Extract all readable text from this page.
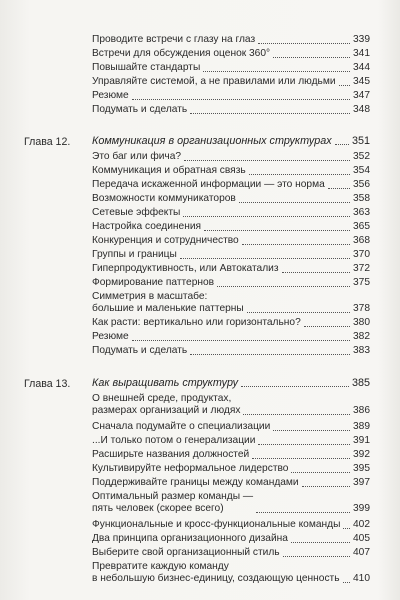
Проводите встречи с глазу на глаз	339
Встречи для обсуждения оценок 360°	341
Повышайте стандарты	344
Управляйте системой, а не правилами или людьми 345
Резюме	347
Подумать и сделать	348
Глава 12. Коммуникация в организационных структурах 351
Это баг или фича?	352
Коммуникация и обратная связь	354
Передача искаженной информации — это норма	356
Возможности коммуникаторов	358
Сетевые эффекты	363
Настройка соединения	365
Конкуренция и сотрудничество	368
Группы и границы	370
Гиперпродуктивность, или Автокатализ	372
Формирование паттернов	375
Симметрия в масштабе:
большие и маленькие паттерны	378
Как расти: вертикально или горизонтально?	380
Резюме	382
Подумать и сделать	383
Глава 13. Как выращивать структуру	385
О внешней среде, продуктах,
размерах организаций и людях	386
Сначала подумайте о специализации	389
...И только потом о генерализации	391
Расширьте названия должностей	392
Культивируйте неформальное лидерство	395
Поддерживайте границы между командами	397
Оптимальный размер команды —
пять человек (скорее всего)	399
Функциональные и кросс-функциональные команды 402
Два принципа организационного дизайна	405
Выберите свой организационный стиль	407
Превратите каждую команду
в небольшую бизнес-единицу, создающую ценность 410
